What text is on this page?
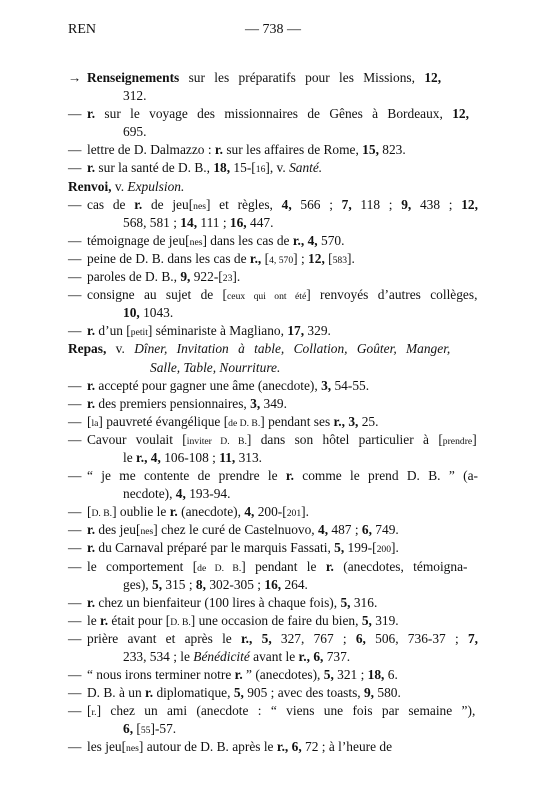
REN	— 738 —
→ Renseignements sur les préparatifs pour les Missions, 12,
312.
— r. sur le voyage des missionnaires de Gênes à Bordeaux, 12,
695.
— lettre de D. Dalmazzo : r. sur les affaires de Rome, 15, 823.
— r. sur la santé de D. B., 18, 15-[16], v. Santé.
Renvoi, v. Expulsion.
— cas de r. de jeu[nes] et règles, 4, 566 ; 7, 118 ; 9, 438 ; 12,
568, 581 ; 14, 111 ; 16, 447.
— témoignage de jeu[nes] dans les cas de r., 4, 570.
— peine de D. B. dans les cas de r., [4, 570] ; 12, [583].
— paroles de D. B., 9, 922-[23].
— consigne au sujet de [ceux qui ont été] renvoyés d’autres collèges,
10, 1043.
— r. d’un [petit] séminariste à Magliano, 17, 329.
Repas, v. Dîner, Invitation à table, Collation, Goûter, Manger,
Salle, Table, Nourriture.
— r. accepté pour gagner une âme (anecdote), 3, 54-55.
— r. des premiers pensionnaires, 3, 349.
— [la] pauvreté évangélique [de D. B.] pendant ses r., 3, 25.
— Cavour voulait [inviter D. B.] dans son hôtel particulier à [prendre]
le r., 4, 106-108 ; 11, 313.
— “ je me contente de prendre le r. comme le prend D. B. ” (a-
necdote), 4, 193-94.
— [D. B.] oublie le r. (anecdote), 4, 200-[201].
— r. des jeu[nes] chez le curé de Castelnuovo, 4, 487 ; 6, 749.
— r. du Carnaval préparé par le marquis Fassati, 5, 199-[200].
— le comportement [de D. B.] pendant le r. (anecdotes, témoigna-
ges), 5, 315 ; 8, 302-305 ; 16, 264.
— r. chez un bienfaiteur (100 lires à chaque fois), 5, 316.
— le r. était pour [D. B.] une occasion de faire du bien, 5, 319.
— prière avant et après le r., 5, 327, 767 ; 6, 506, 736-37 ; 7,
233, 534 ; le Bénédicité avant le r., 6, 737.
— “ nous irons terminer notre r. ” (anecdotes), 5, 321 ; 18, 6.
— D. B. à un r. diplomatique, 5, 905 ; avec des toasts, 9, 580.
— [r.] chez un ami (anecdote : “ viens une fois par semaine ”),
6, [55]-57.
— les jeu[nes] autour de D. B. après le r., 6, 72 ; à l’heure de
